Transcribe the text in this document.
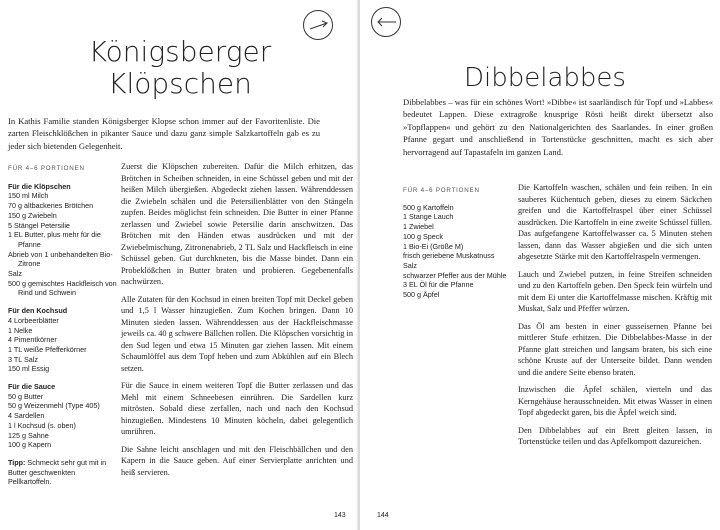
Königsberger
Klöpschen
In Kathis Familie standen Königsberger Klopse schon immer auf der Favoritenliste. Die zarten Fleischklößchen in pikanter Sauce und dazu ganz simple Salzkartoffeln gab es zu jeder sich bietenden Gelegenheit.
FÜR 4–6 PORTIONEN
Für die Klöpschen
150 ml Milch
70 g altbackenes Brötchen
150 g Zwiebeln
5 Stängel Petersilie
1 EL Butter, plus mehr für die Pfanne
Abrieb von 1 unbehandelten Bio-Zitrone
Salz
500 g gemischtes Hackfleisch von Rind und Schwein
Für den Kochsud
4 Lorbeerblätter
1 Nelke
4 Pimentkörner
1 TL weiße Pfefferkörner
3 TL Salz
150 ml Essig
Für die Sauce
50 g Butter
50 g Weizenmehl (Type 405)
4 Sardellen
1 l Kochsud (s. oben)
125 g Sahne
100 g Kapern
Tipp: Schmeckt sehr gut mit in Butter geschwenkten Pellkartoffeln.

Zuerst die Klöpschen zubereiten. Dafür die Milch erhitzen, das Brötchen in Scheiben schneiden, in eine Schüssel geben und mit der heißen Milch übergießen. Abgedeckt ziehen lassen. Währenddessen die Zwiebeln schälen und die Petersilienblätter von den Stängeln zupfen. Beides möglichst fein schneiden. Die Butter in einer Pfanne zerlassen und Zwiebel sowie Petersilie darin anschwitzen. Das Brötchen mit den Händen etwas ausdrücken und mit der Zwiebelmischung, Zitronenabrieb, 2 TL Salz und Hackfleisch in eine Schüssel geben. Gut durchkneten, bis die Masse bindet. Dann ein Probeklößchen in Butter braten und probieren. Gegebenenfalls nachwürzen.

Alle Zutaten für den Kochsud in einen breiten Topf mit Deckel geben und 1,5 l Wasser hinzugießen. Zum Kochen bringen. Dann 10 Minuten sieden lassen. Währenddessen aus der Hackfleischmasse jeweils ca. 40 g schwere Bällchen rollen. Die Klöpschen vorsichtig in den Sud legen und etwa 15 Minuten gar ziehen lassen. Mit einem Schaumlöffel aus dem Topf heben und zum Abkühlen auf ein Blech setzen.

Für die Sauce in einem weiteren Topf die Butter zerlassen und das Mehl mit einem Schneebesen einrühren. Die Sardellen kurz mitrösten. Sobald diese zerfallen, nach und nach den Kochsud hinzugießen. Mindestens 10 Minuten köcheln, dabei gelegentlich umrühren.

Die Sahne leicht anschlagen und mit den Fleischbällchen und den Kapern in die Sauce geben. Auf einer Servierplatte anrichten und heiß servieren.

143
Dibbelabbes
Dibbelabbes – was für ein schönes Wort! »Dibbe« ist saarländisch für Topf und »Labbes« bedeutet Lappen. Diese extragroße knusprige Rösti heißt direkt übersetzt also »Topflappen« und gehört zu den Nationalgerichten des Saarlandes. In einer großen Pfanne gegart und anschließend in Tortenstücke geschnitten, macht es sich aber hervorragend auf Tapastafeln im ganzen Land.
FÜR 4–6 PORTIONEN
500 g Kartoffeln
1 Stange Lauch
1 Zwiebel
100 g Speck
1 Bio-Ei (Größe M)
frisch geriebene Muskatnuss
Salz
schwarzer Pfeffer aus der Mühle
3 EL Öl für die Pfanne
500 g Äpfel

Die Kartoffeln waschen, schälen und fein reiben. In ein sauberes Küchentuch geben, dieses zu einem Säckchen greifen und die Kartoffelraspel über einer Schüssel ausdrücken. Die Kartoffeln in eine zweite Schüssel füllen. Das aufgefangene Kartoffelwasser ca. 5 Minuten stehen lassen, dann das Wasser abgießen und die sich unten abgesetzte Stärke mit den Kartoffelraspeln vermengen.

Lauch und Zwiebel putzen, in feine Streifen schneiden und zu den Kartoffeln geben. Den Speck fein würfeln und mit dem Ei unter die Kartoffelmasse mischen. Kräftig mit Muskat, Salz und Pfeffer würzen.

Das Öl am besten in einer gusseisernen Pfanne bei mittlerer Stufe erhitzen. Die Dibbelabbes-Masse in der Pfanne glatt streichen und langsam braten, bis sich eine schöne Kruste auf der Unterseite bildet. Dann wenden und die andere Seite ebenso braten.

Inzwischen die Äpfel schälen, vierteln und das Kerngehäuse herausschneiden. Mit etwas Wasser in einen Topf abgedeckt garen, bis die Äpfel weich sind.

Den Dibbelabbes auf ein Brett gleiten lassen, in Tortenstücke teilen und das Apfelkompott dazureichen.

144
